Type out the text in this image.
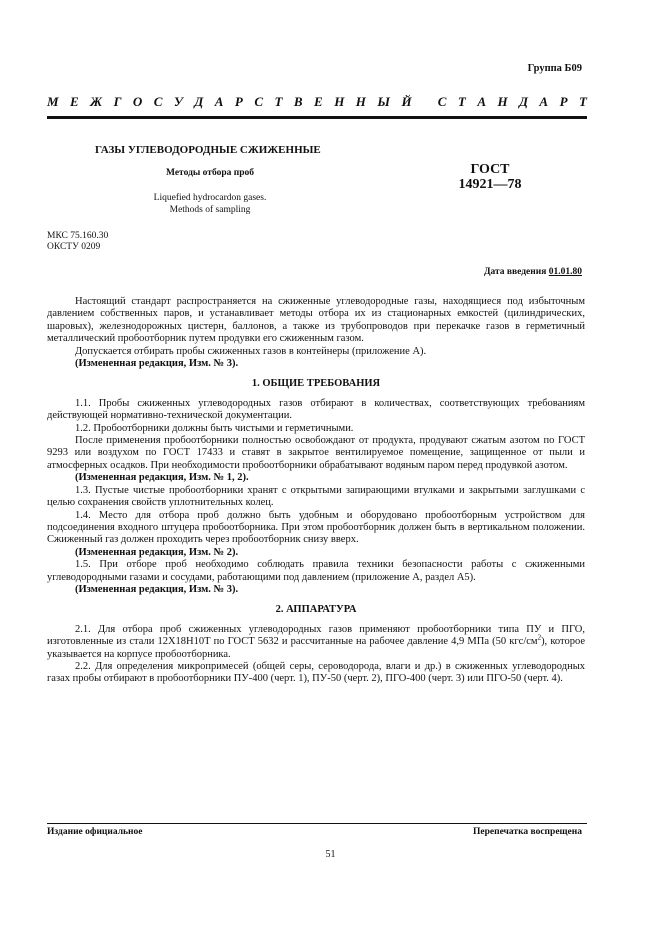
Группа Б09
М Е Ж Г О С У Д А Р С Т В Е Н Н Ы Й
С Т А Н Д А Р Т
ГАЗЫ УГЛЕВОДОРОДНЫЕ СЖИЖЕННЫЕ
Методы отбора проб
Liquefied hydrocardon gases.
Methods of sampling
ГОСТ
14921—78
МКС 75.160.30
ОКСТУ 0209
Дата введения 01.01.80

Настоящий стандарт распространяется на сжиженные углеводородные газы, находящиеся под избыточным давлением собственных паров, и устанавливает методы отбора их из стационарных емкостей (цилиндрических, шаровых), железнодорожных цистерн, баллонов, а также из трубопроводов при перекачке газов в герметичный металлический пробоотборник путем продувки его сжиженным газом.

Допускается отбирать пробы сжиженных газов в контейнеры (приложение А).

(Измененная редакция, Изм. № 3).

1. ОБЩИЕ ТРЕБОВАНИЯ

1.1. Пробы сжиженных углеводородных газов отбирают в количествах, соответствующих требованиям действующей нормативно-технической документации.

1.2. Пробоотборники должны быть чистыми и герметичными.

После применения пробоотборники полностью освобождают от продукта, продувают сжатым азотом по ГОСТ 9293 или воздухом по ГОСТ 17433 и ставят в закрытое вентилируемое помещение, защищенное от пыли и атмосферных осадков. При необходимости пробоотборники обрабатывают водяным паром перед продувкой азотом.

(Измененная редакция, Изм. № 1, 2).

1.3. Пустые чистые пробоотборники хранят с открытыми запирающими втулками и закрытыми заглушками с целью сохранения свойств уплотнительных колец.

1.4. Место для отбора проб должно быть удобным и оборудовано пробоотборным устройством для подсоединения входного штуцера пробоотборника. При этом пробоотборник должен быть в вертикальном положении. Сжиженный газ должен проходить через пробоотборник снизу вверх.

(Измененная редакция, Изм. № 2).

1.5. При отборе проб необходимо соблюдать правила техники безопасности работы с сжиженными углеводородными газами и сосудами, работающими под давлением (приложение А, раздел А5).

(Измененная редакция, Изм. № 3).

2. АППАРАТУРА

2.1. Для отбора проб сжиженных углеводородных газов применяют пробоотборники типа ПУ и ПГО, изготовленные из стали 12Х18Н10Т по ГОСТ 5632 и рассчитанные на рабочее давление 4,9 МПа (50 кгс/$см^2$), которое указывается на корпусе пробоотборника.

2.2. Для определения микропримесей (общей серы, сероводорода, влаги и др.) в сжиженных углеводородных газах пробы отбирают в пробоотборники ПУ-400 (черт. 1), ПУ-50 (черт. 2), ПГО-400 (черт. 3) или ПГО-50 (черт. 4).

Издание официальное	Перепечатка воспрещена
51
